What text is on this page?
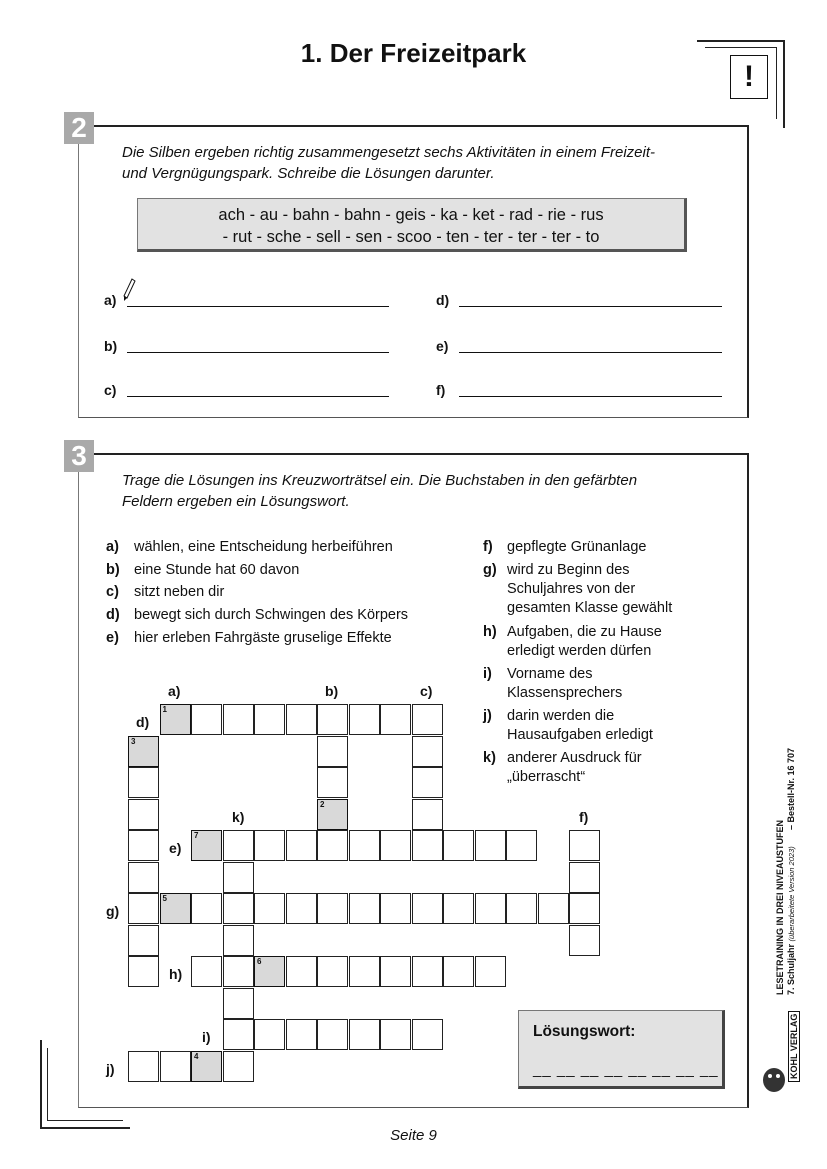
1. Der Freizeitpark
!
2
Die Silben ergeben richtig zusammengesetzt sechs Aktivitäten in einem Freizeit-
und Vergnügungspark. Schreibe die Lösungen darunter.
ach - au - bahn - bahn - geis - ka - ket - rad - rie - rus
- rut - sche - sell - sen - scoo - ten - ter - ter - ter - to
a)
b)
c)
d)
e)
f)
3
Trage die Lösungen ins Kreuzworträtsel ein. Die Buchstaben in den gefärbten
Feldern ergeben ein Lösungswort.
a) wählen, eine Entscheidung herbeiführen
b) eine Stunde hat 60 davon
c) sitzt neben dir
d) bewegt sich durch Schwingen des Körpers
e) hier erleben Fahrgäste gruselige Effekte
f) gepflegte Grünanlage
g) wird zu Beginn des
Schuljahres von der
gesamten Klasse gewählt
h) Aufgaben, die zu Hause
erledigt werden dürfen
i) Vorname des
Klassensprechers
j) darin werden die
Hausaufgaben erledigt
k) anderer Ausdruck für
„überrascht“
a)	b)	c)
d)
e)
f)
g)
h)
i)
j)
k)
1
3
2
7
5
6
4
Lösungswort:
__ __ __ __ __ __ __ __
LESETRAINING IN DREI NIVEAUSTUFEN 7. Schuljahr (überarbeitete Version 2023)
– Bestell-Nr. 16 707
KOHL VERLAG
Seite 9
